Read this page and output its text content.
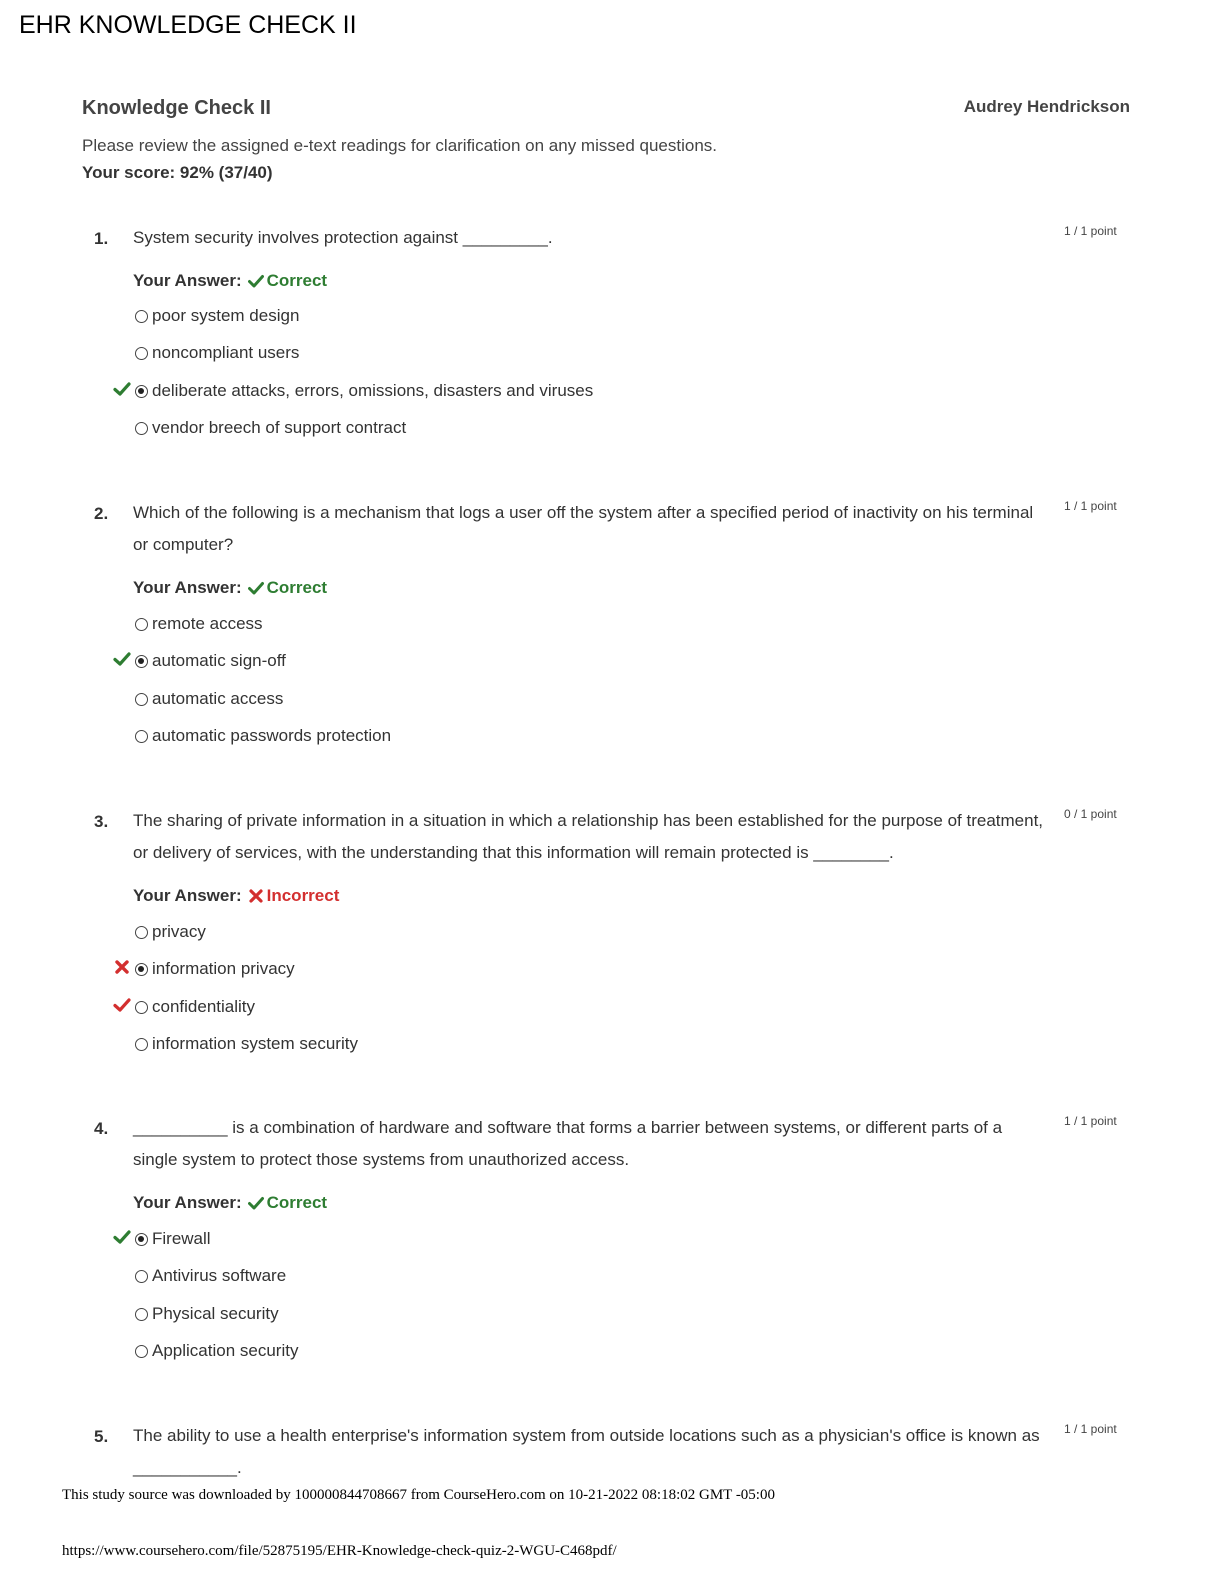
EHR KNOWLEDGE CHECK II
Knowledge Check II	Audrey Hendrickson
Please review the assigned e-text readings for clarification on any missed questions.
Your score: 92% (37/40)
1. System security involves protection against _________.	1 / 1 point
Your Answer: Correct
poor system design
noncompliant users
deliberate attacks, errors, omissions, disasters and viruses
vendor breech of support contract
2. Which of the following is a mechanism that logs a user off the system after a specified period of inactivity on his terminal or computer?
1 / 1 point
Your Answer: Correct
remote access
automatic sign-off
automatic access
automatic passwords protection
3. The sharing of private information in a situation in which a relationship has been established for the purpose of treatment, or delivery of services, with the understanding that this information will remain protected is ________.
0 / 1 point
Your Answer: Incorrect
privacy
information privacy
confidentiality
information system security
4. __________ is a combination of hardware and software that forms a barrier between systems, or different parts of a single system to protect those systems from unauthorized access.
1 / 1 point
Your Answer: Correct
Firewall
Antivirus software
Physical security
Application security
5. The ability to use a health enterprise's information system from outside locations such as a physician's office is known as ___________.
1 / 1 point
This study source was downloaded by 100000844708667 from CourseHero.com on 10-21-2022 08:18:02 GMT -05:00
https://www.coursehero.com/file/52875195/EHR-Knowledge-check-quiz-2-WGU-C468pdf/
